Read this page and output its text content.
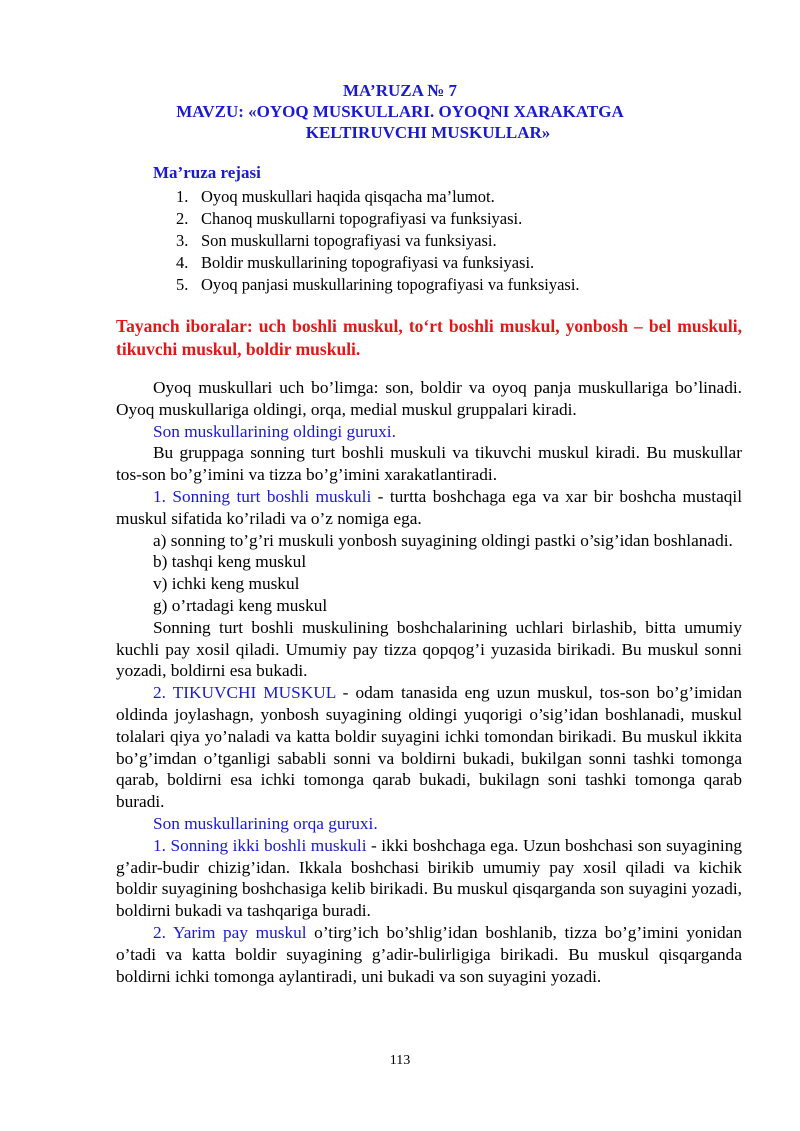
MA’RUZA № 7
MAVZU: «OYOQ MUSKULLARI. OYOQNI XARAKATGA
KELTIRUVCHI MUSKULLAR»
Ma’ruza rejasi
1. Oyoq muskullari haqida qisqacha ma’lumot.
2. Chanoq muskullarni topografiyasi va funksiyasi.
3. Son muskullarni topografiyasi va funksiyasi.
4. Boldir muskullarining topografiyasi va funksiyasi.
5. Oyoq panjasi muskullarining topografiyasi va funksiyasi.
Tayanch iboralar: uch boshli muskul, to‘rt boshli muskul, yonbosh – bel muskuli, tikuvchi muskul, boldir muskuli.

Oyoq muskullari uch bo’limga: son, boldir va oyoq panja muskullariga bo’linadi. Oyoq muskullariga oldingi, orqa, medial muskul gruppalari kiradi.

Son muskullarining oldingi guruxi.

Bu gruppaga sonning turt boshli muskuli va tikuvchi muskul kiradi. Bu muskullar tos-son bo’g’imini va tizza bo’g’imini xarakatlantiradi.

1. Sonning turt boshli muskuli - turtta boshchaga ega va xar bir boshcha mustaqil muskul sifatida ko’riladi va o’z nomiga ega.

a) sonning to’g’ri muskuli yonbosh suyagining oldingi pastki o’sig’idan boshlanadi.

b) tashqi keng muskul

v) ichki keng muskul

g) o’rtadagi keng muskul

Sonning turt boshli muskulining boshchalarining uchlari birlashib, bitta umumiy kuchli pay xosil qiladi. Umumiy pay tizza qopqog’i yuzasida birikadi. Bu muskul sonni yozadi, boldirni esa bukadi.

2. TIKUVCHI MUSKUL - odam tanasida eng uzun muskul, tos-son bo’g’imidan oldinda joylashagn, yonbosh suyagining oldingi yuqorigi o’sig’idan boshlanadi, muskul tolalari qiya yo’naladi va katta boldir suyagini ichki tomondan birikadi. Bu muskul ikkita bo’g’imdan o’tganligi sababli sonni va boldirni bukadi, bukilgan sonni tashki tomonga qarab, boldirni esa ichki tomonga qarab bukadi, bukilagn soni tashki tomonga qarab buradi.

Son muskullarining orqa guruxi.

1. Sonning ikki boshli muskuli - ikki boshchaga ega. Uzun boshchasi son suyagining g’adir-budir chizig’idan. Ikkala boshchasi birikib umumiy pay xosil qiladi va kichik boldir suyagining boshchasiga kelib birikadi. Bu muskul qisqarganda son suyagini yozadi, boldirni bukadi va tashqariga buradi.

2. Yarim pay muskul o’tirg’ich bo’shlig’idan boshlanib, tizza bo’g’imini yonidan o’tadi va katta boldir suyagining g’adir-bulirligiga birikadi. Bu muskul qisqarganda boldirni ichki tomonga aylantiradi, uni bukadi va son suyagini yozadi.

113
